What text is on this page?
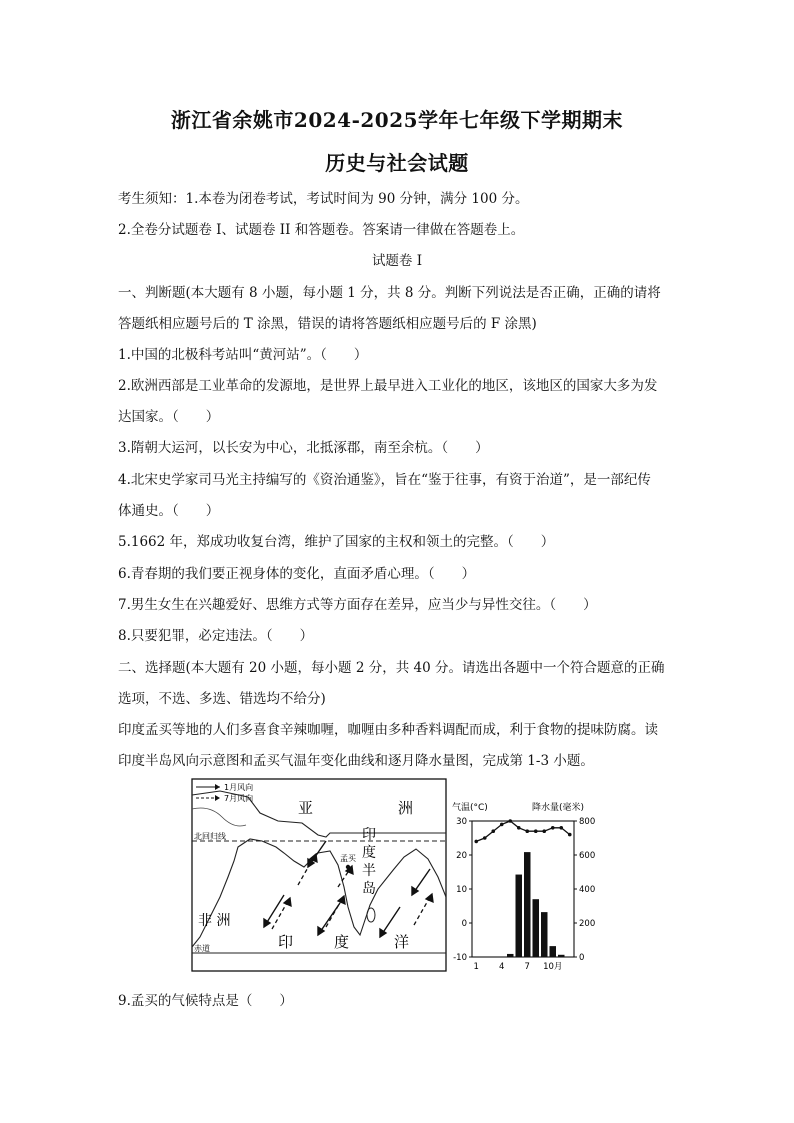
浙江省余姚市2024-2025学年七年级下学期期末
历史与社会试题
考生须知：1.本卷为闭卷考试，考试时间为 90 分钟，满分 100 分。
2.全卷分试题卷 I、试题卷 II 和答题卷。答案请一律做在答题卷上。
试题卷 I
一、判断题(本大题有 8 小题，每小题 1 分，共 8 分。判断下列说法是否正确，正确的请将
答题纸相应题号后的 T 涂黑，错误的请将答题纸相应题号后的 F 涂黑)
1.中国的北极科考站叫“黄河站”。（　　）
2.欧洲西部是工业革命的发源地，是世界上最早进入工业化的地区，该地区的国家大多为发
达国家。（　　）
3.隋朝大运河，以长安为中心，北抵涿郡，南至余杭。（　　）
4.北宋史学家司马光主持编写的《资治通鉴》，旨在“鉴于往事，有资于治道”，是一部纪传
体通史。（　　）
5.1662 年，郑成功收复台湾，维护了国家的主权和领土的完整。（　　）
6.青春期的我们要正视身体的变化，直面矛盾心理。（　　）
7.男生女生在兴趣爱好、思维方式等方面存在差异，应当少与异性交往。（　　）
8.只要犯罪，必定违法。（　　）
二、选择题(本大题有 20 小题，每小题 2 分，共 40 分。请选出各题中一个符合题意的正确
选项，不选、多选、错选均不给分)
印度孟买等地的人们多喜食辛辣咖喱，咖喱由多种香料调配而成，利于食物的提味防腐。读
印度半岛风向示意图和孟买气温年变化曲线和逐月降水量图，完成第 1-3 小题。
1月风向
7月风向
北回归线
赤道
亚	洲
印
度
半
岛
孟买
非 洲
印	度	洋
气温(°C)	降水量(毫米)
30	800
20	600
10	400
0	200
-10	0
1 4 7 10月
9.孟买的气候特点是（　　）
